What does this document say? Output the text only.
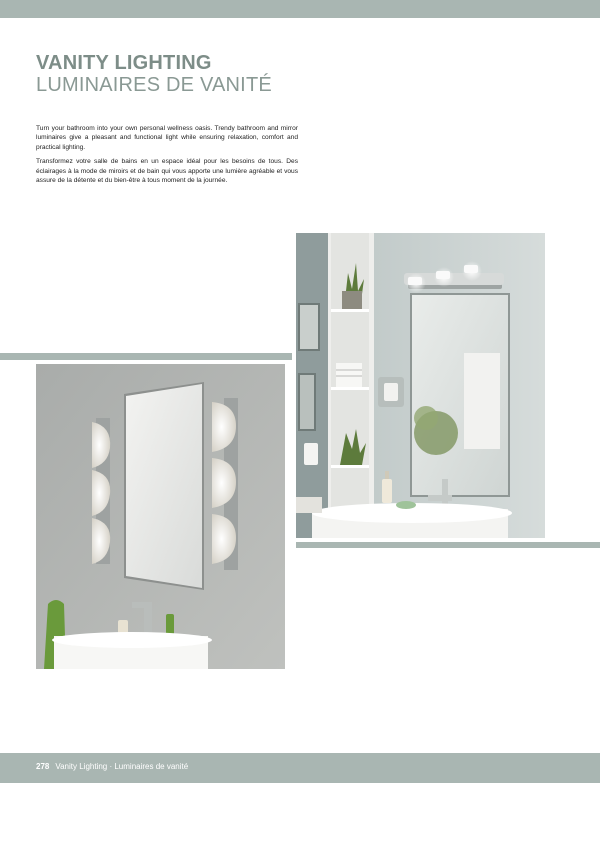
VANITY LIGHTING
LUMINAIRES DE VANITÉ

Turn your bathroom into your own personal wellness oasis. Trendy bathroom and mirror luminaires give a pleasant and functional light while ensuring relaxation, comfort and practical lighting.

Transformez votre salle de bains en un espace idéal pour les besoins de tous. Des éclairages à la mode de miroirs et de bain qui vous apporte une lumière agréable et vous assure de la détente et du bien-être à tous moment de la journée.

278 Vanity Lighting · Luminaires de vanité
